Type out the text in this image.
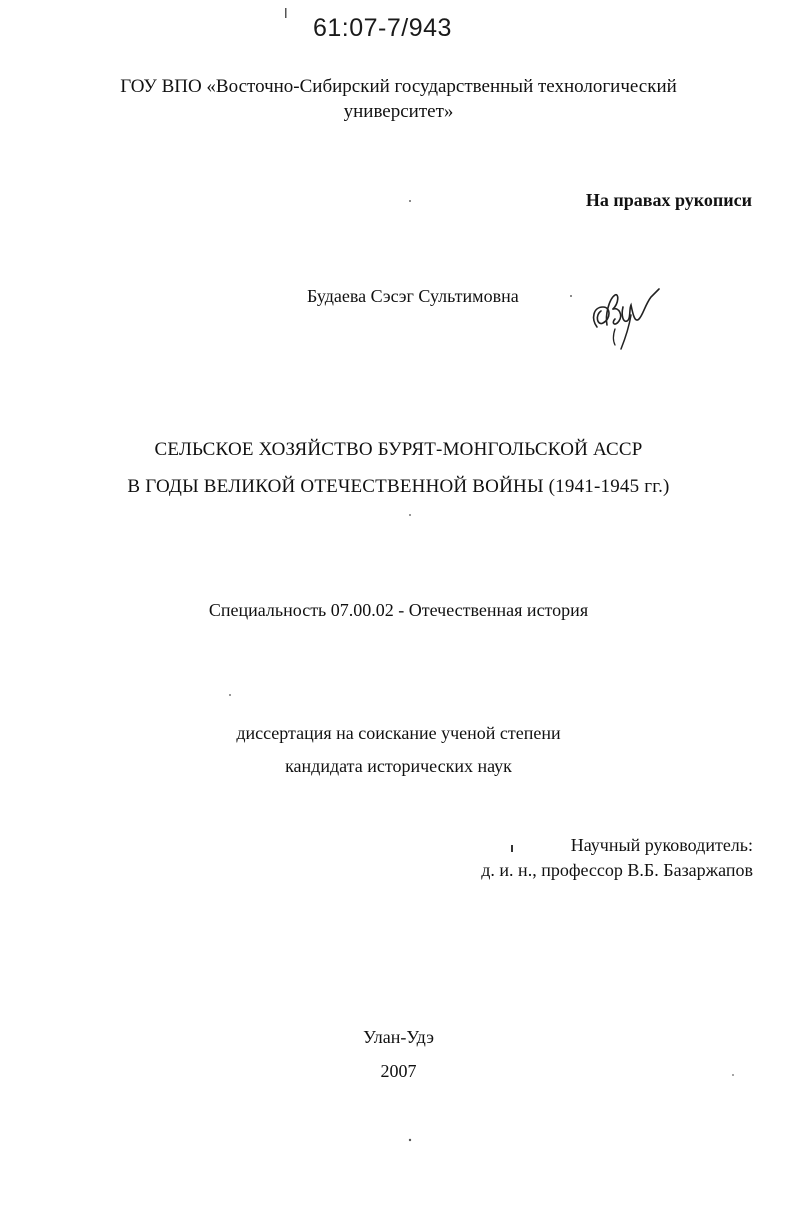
61:07-7/943
ГОУ ВПО «Восточно-Сибирский государственный технологический
университет»
На правах рукописи
Будаева Сэсэг Сультимовна
СЕЛЬСКОЕ ХОЗЯЙСТВО БУРЯТ-МОНГОЛЬСКОЙ АССР
В ГОДЫ ВЕЛИКОЙ ОТЕЧЕСТВЕННОЙ ВОЙНЫ (1941-1945 гг.)
Специальность 07.00.02 - Отечественная история
диссертация на соискание ученой степени
кандидата исторических наук
Научный руководитель:
д. и. н., профессор В.Б. Базаржапов
Улан-Удэ
2007
